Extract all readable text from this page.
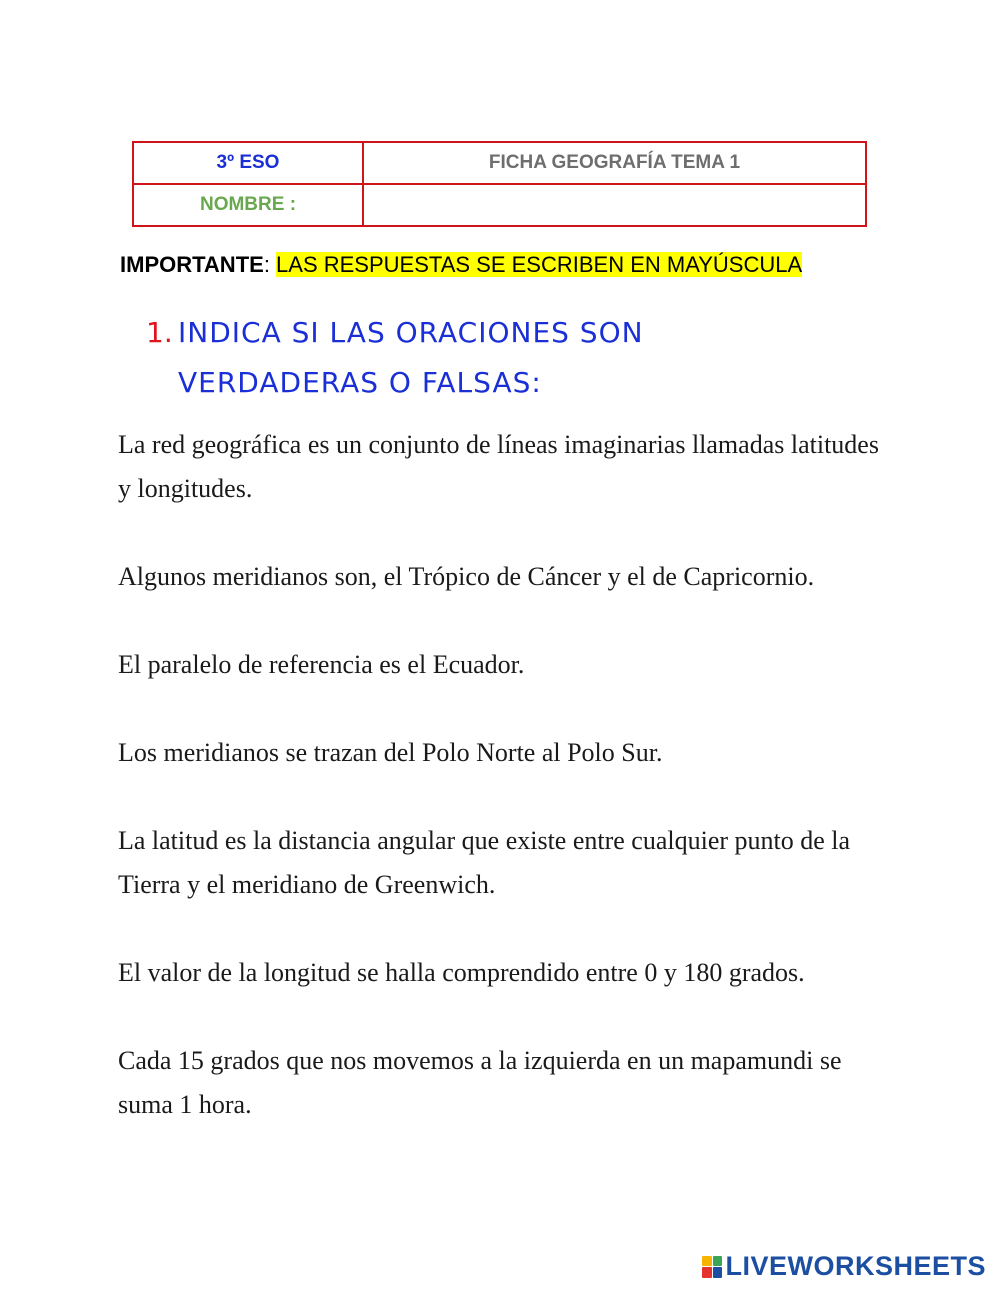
3º ESO	FICHA GEOGRAFÍA TEMA 1
NOMBRE :	
IMPORTANTE: LAS RESPUESTAS SE ESCRIBEN EN MAYÚSCULA
1. INDICA SI LAS ORACIONES SON VERDADERAS O FALSAS:

La red geográfica es un conjunto de líneas imaginarias llamadas latitudes y longitudes.

Algunos meridianos son, el Trópico de Cáncer y el de Capricornio.

El paralelo de referencia es el Ecuador.

Los meridianos se trazan del Polo Norte al Polo Sur.

La latitud es la distancia angular que existe entre cualquier punto de la Tierra y el meridiano de Greenwich.

El valor de la longitud se halla comprendido entre 0 y 180 grados.

Cada 15 grados que nos movemos a la izquierda en un mapamundi se suma 1 hora.

LIVEWORKSHEETS
